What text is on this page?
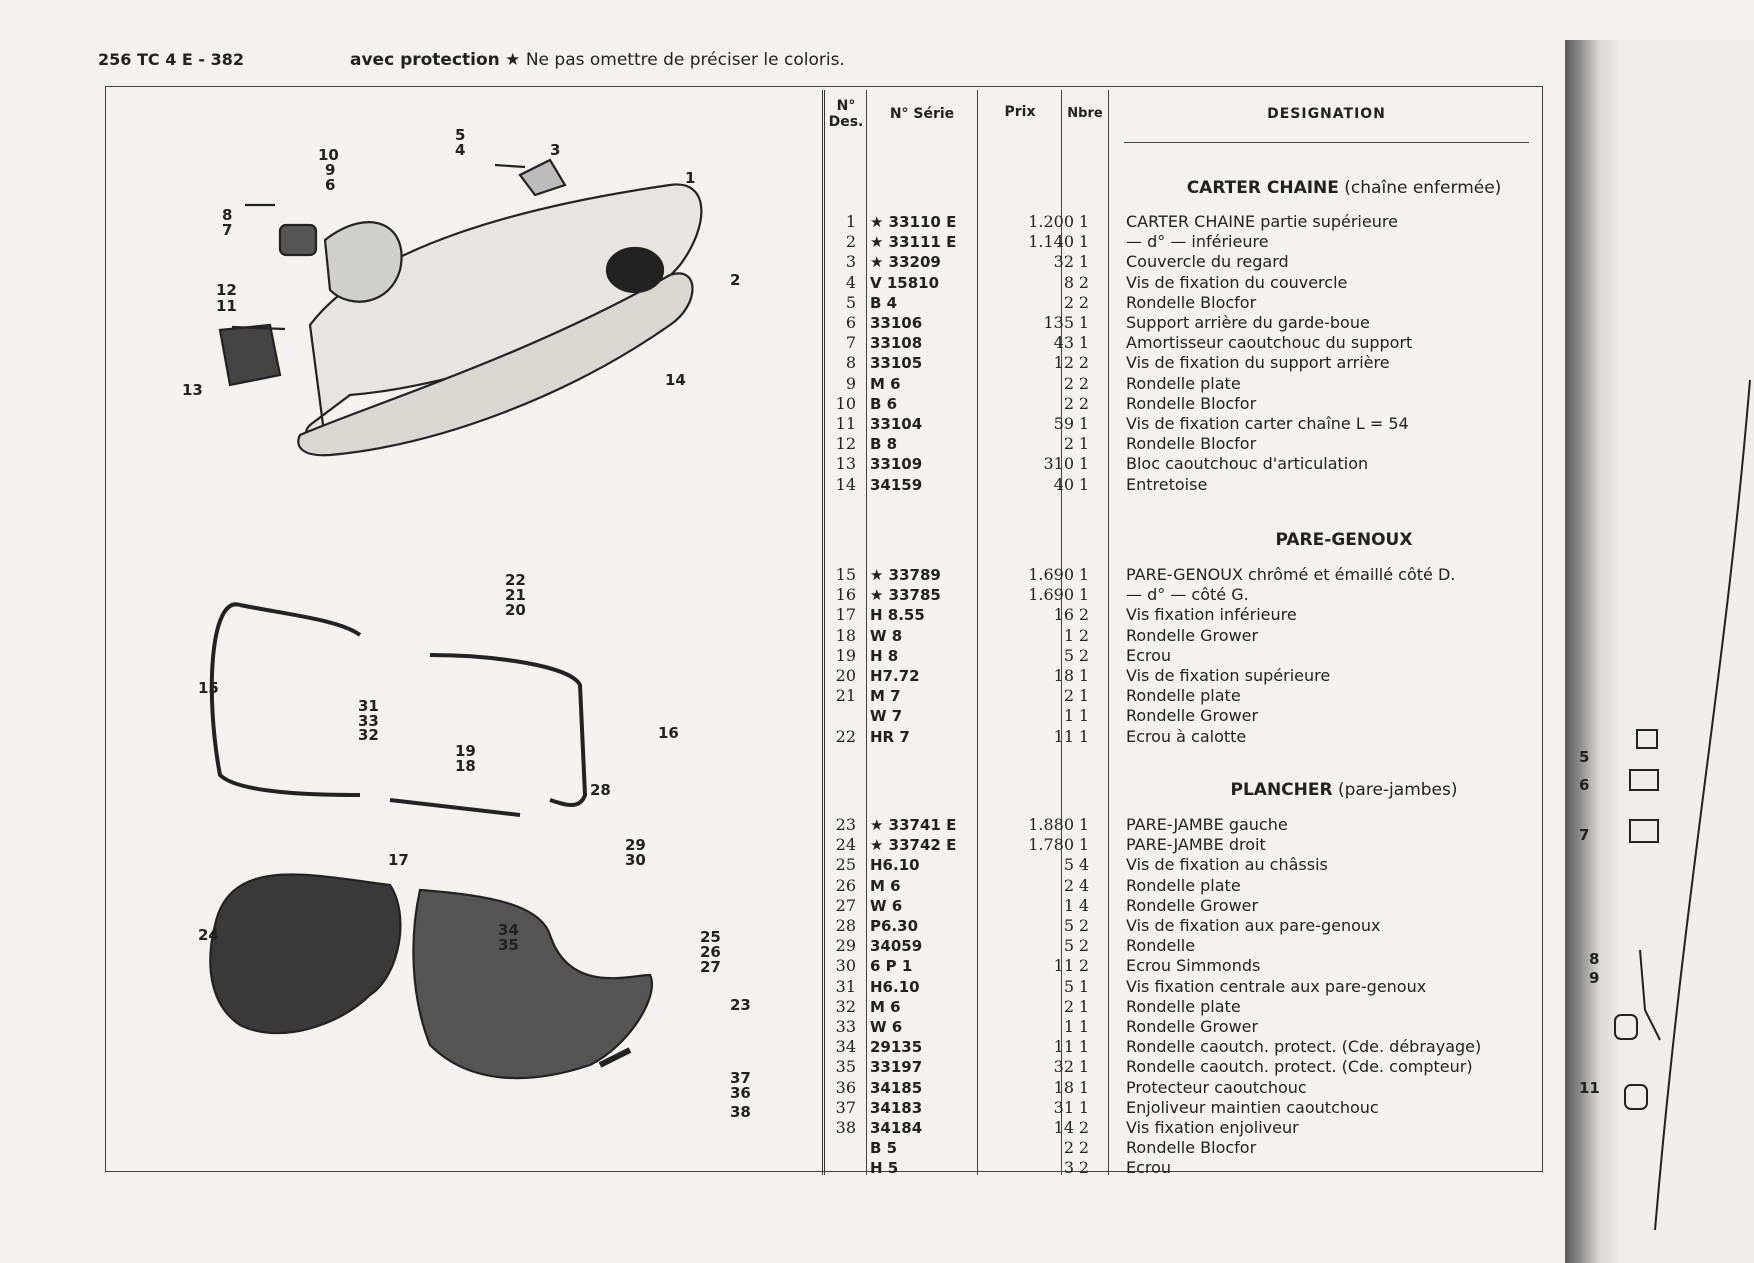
256 TC 4 E - 382	avec protection ★ Ne pas omettre de préciser le coloris.
1
2
3
4
5
6
7
8
9
10
11
12
13
14
15
16
17
18
19
20
21
22
23
24	25
26
27
28
29
30
31
32
33
34
35
36
37
38
N° Des.	N° Série	Prix	Nbre	DESIGNATION
CARTER CHAINE (chaîne enfermée)
PARE-GENOUX
PLANCHER (pare-jambes)
1 ★ 33110 E	1.200 1	CARTER CHAINE partie supérieure
2 ★ 33111 E	1.140 1	— d° — inférieure
3 ★ 33209	32 1	Couvercle du regard
4 V 15810	8 2	Vis de fixation du couvercle
5 B 4	2 2	Rondelle Blocfor
6 33106	135 1	Support arrière du garde-boue
7 33108	43 1	Amortisseur caoutchouc du support
8 33105	12 2	Vis de fixation du support arrière
9 M 6	2 2	Rondelle plate
10 B 6	2 2	Rondelle Blocfor
11 33104	59 1	Vis de fixation carter chaîne L = 54
12 B 8	2 1	Rondelle Blocfor
13 33109	310 1	Bloc caoutchouc d'articulation
14 34159	40 1	Entretoise
15 ★ 33789	1.690 1	PARE-GENOUX chrômé et émaillé côté D.
16 ★ 33785	1.690 1	— d° — côté G.
17 H 8.55	16 2	Vis fixation inférieure
18 W 8	1 2	Rondelle Grower
19 H 8	5 2	Ecrou
20 H7.72	18 1	Vis de fixation supérieure
21 M 7	2 1	Rondelle plate
W 7	1 1	Rondelle Grower
22 HR 7	11 1	Ecrou à calotte
23 ★ 33741 E	1.880 1	PARE-JAMBE gauche
24 ★ 33742 E	1.780 1	PARE-JAMBE droit
25 H6.10	5 4	Vis de fixation au châssis
26 M 6	2 4	Rondelle plate
27 W 6	1 4	Rondelle Grower
28 P6.30	5 2	Vis de fixation aux pare-genoux
29 34059	5 2	Rondelle
30 6 P 1	11 2	Ecrou Simmonds
31 H6.10	5 1	Vis fixation centrale aux pare-genoux
32 M 6	2 1	Rondelle plate
33 W 6	1 1	Rondelle Grower
34 29135	11 1	Rondelle caoutch. protect. (Cde. débrayage)
35 33197	32 1	Rondelle caoutch. protect. (Cde. compteur)
36 34185	18 1	Protecteur caoutchouc
37 34183	31 1	Enjoliveur maintien caoutchouc
38 34184	14 2	Vis fixation enjoliveur
B 5	2 2	Rondelle Blocfor
H 5	3 2	Ecrou
5
6
7
8
9
11
